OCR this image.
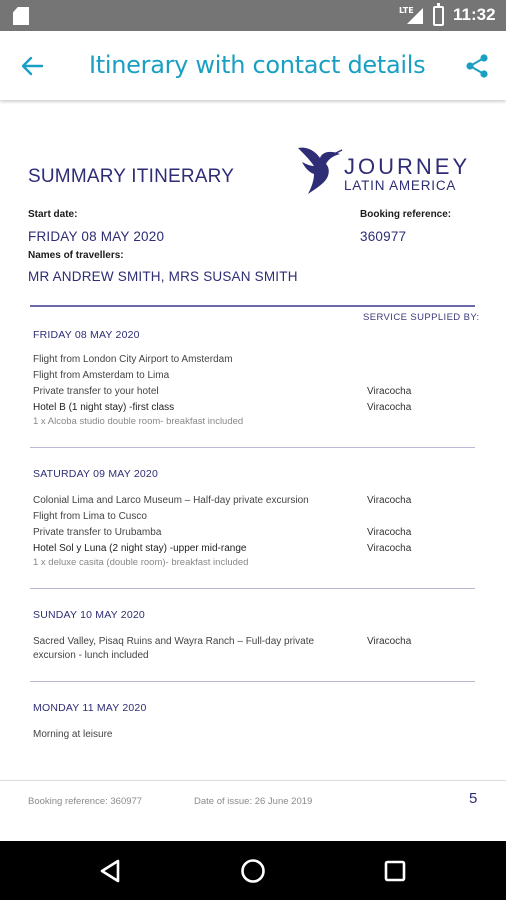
LTE 11:32
Itinerary with contact details
SUMMARY ITINERARY	JOURNEY
LATIN AMERICA
Start date:
FRIDAY 08 MAY 2020
Booking reference:
360977
Names of travellers:
MR ANDREW SMITH, MRS SUSAN SMITH
SERVICE SUPPLIED BY:
FRIDAY 08 MAY 2020
Flight from London City Airport to Amsterdam
Flight from Amsterdam to Lima
Private transfer to your hotel	Viracocha
Hotel B (1 night stay) -first class	Viracocha
1 x Alcoba studio double room- breakfast included
SATURDAY 09 MAY 2020
Colonial Lima and Larco Museum – Half-day private excursion	Viracocha
Flight from Lima to Cusco
Private transfer to Urubamba	Viracocha
Hotel Sol y Luna (2 night stay) -upper mid-range	Viracocha
1 x deluxe casita (double room)- breakfast included
SUNDAY 10 MAY 2020
Sacred Valley, Pisaq Ruins and Wayra Ranch – Full-day private	Viracocha
excursion - lunch included
MONDAY 11 MAY 2020
Morning at leisure
Booking reference: 360977	Date of issue: 26 June 2019	5
